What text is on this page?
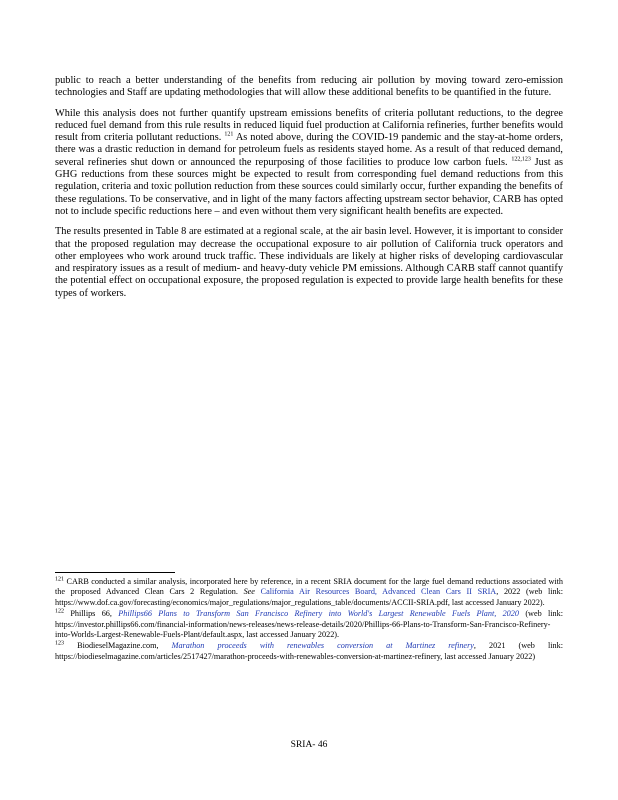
public to reach a better understanding of the benefits from reducing air pollution by moving toward zero-emission technologies and Staff are updating methodologies that will allow these additional benefits to be quantified in the future.

While this analysis does not further quantify upstream emissions benefits of criteria pollutant reductions, to the degree reduced fuel demand from this rule results in reduced liquid fuel production at California refineries, further benefits would result from criteria pollutant reductions. $^{121}$ As noted above, during the COVID-19 pandemic and the stay-at-home orders, there was a drastic reduction in demand for petroleum fuels as residents stayed home. As a result of that reduced demand, several refineries shut down or announced the repurposing of those facilities to produce low carbon fuels. $^{122,123}$ Just as GHG reductions from these sources might be expected to result from corresponding fuel demand reductions from this regulation, criteria and toxic pollution reduction from these sources could similarly occur, further expanding the benefits of these regulations. To be conservative, and in light of the many factors affecting upstream sector behavior, CARB has opted not to include specific reductions here – and even without them very significant health benefits are expected.

The results presented in Table 8 are estimated at a regional scale, at the air basin level. However, it is important to consider that the proposed regulation may decrease the occupational exposure to air pollution of California truck operators and other employees who work around truck traffic. These individuals are likely at higher risks of developing cardiovascular and respiratory issues as a result of medium- and heavy-duty vehicle PM emissions. Although CARB staff cannot quantify the potential effect on occupational exposure, the proposed regulation is expected to provide large health benefits for these types of workers.

$^{121}$ CARB conducted a similar analysis, incorporated here by reference, in a recent SRIA document for the large fuel demand reductions associated with the proposed Advanced Clean Cars 2 Regulation. See California Air Resources Board, Advanced Clean Cars II SRIA, 2022 (web link: https://www.dof.ca.gov/forecasting/economics/major_regulations/major_regulations_table/documents/ACCII-SRIA.pdf, last accessed January 2022).

$^{122}$ Phillips 66, Phillips66 Plans to Transform San Francisco Refinery into World's Largest Renewable Fuels Plant, 2020 (web link: https://investor.phillips66.com/financial-information/news-releases/news-release-details/2020/Phillips-66-Plans-to-Transform-San-Francisco-Refinery-into-Worlds-Largest-Renewable-Fuels-Plant/default.aspx, last accessed January 2022).

$^{123}$ BiodieselMagazine.com, Marathon proceeds with renewables conversion at Martinez refinery, 2021 (web link: https://biodieselmagazine.com/articles/2517427/marathon-proceeds-with-renewables-conversion-at-martinez-refinery, last accessed January 2022)

SRIA- 46
